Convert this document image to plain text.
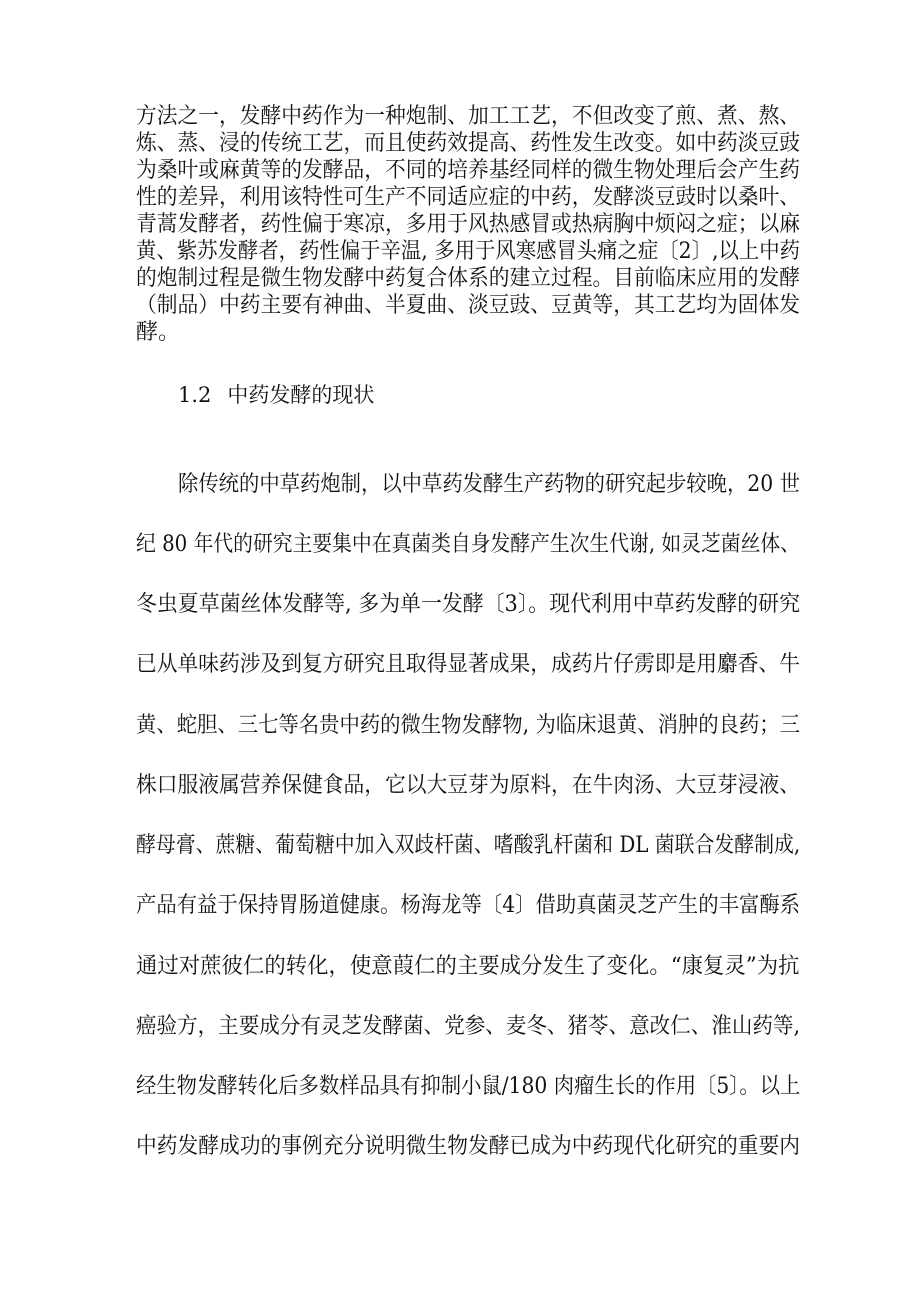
方法之一，发酵中药作为一种炮制、加工工艺，不但改变了煎、煮、熬、
炼、蒸、浸的传统工艺，而且使药效提高、药性发生改变。如中药淡豆豉
为桑叶或麻黄等的发酵品，不同的培养基经同样的微生物处理后会产生药
性的差异，利用该特性可生产不同适应症的中药，发酵淡豆豉时以桑叶、
青蒿发酵者，药性偏于寒凉，多用于风热感冒或热病胸中烦闷之症；以麻
黄、紫苏发酵者，药性偏于辛温, 多用于风寒感冒头痛之症〔2〕,以上中药
的炮制过程是微生物发酵中药复合体系的建立过程。目前临床应用的发酵
（制品）中药主要有神曲、半夏曲、淡豆豉、豆黄等，其工艺均为固体发
酵。
1.2 中药发酵的现状
除传统的中草药炮制，以中草药发酵生产药物的研究起步较晚，20 世
纪 80 年代的研究主要集中在真菌类自身发酵产生次生代谢, 如灵芝菌丝体、
冬虫夏草菌丝体发酵等, 多为单一发酵〔3〕。现代利用中草药发酵的研究
已从单味药涉及到复方研究且取得显著成果，成药片仔雳即是用麝香、牛
黄、蛇胆、三七等名贵中药的微生物发酵物, 为临床退黄、消肿的良药；三
株口服液属营养保健食品，它以大豆芽为原料，在牛肉汤、大豆芽浸液、
酵母膏、蔗糖、葡萄糖中加入双歧杆菌、嗜酸乳杆菌和 DL 菌联合发酵制成,
产品有益于保持胃肠道健康。杨海龙等〔4〕借助真菌灵芝产生的丰富酶系
通过对蔗彼仁的转化，使意葭仁的主要成分发生了变化。“康复灵”为抗
癌验方，主要成分有灵芝发酵菌、党参、麦冬、猪苓、意改仁、淮山药等,
经生物发酵转化后多数样品具有抑制小鼠/180 肉瘤生长的作用〔5〕。以上
中药发酵成功的事例充分说明微生物发酵已成为中药现代化研究的重要内
